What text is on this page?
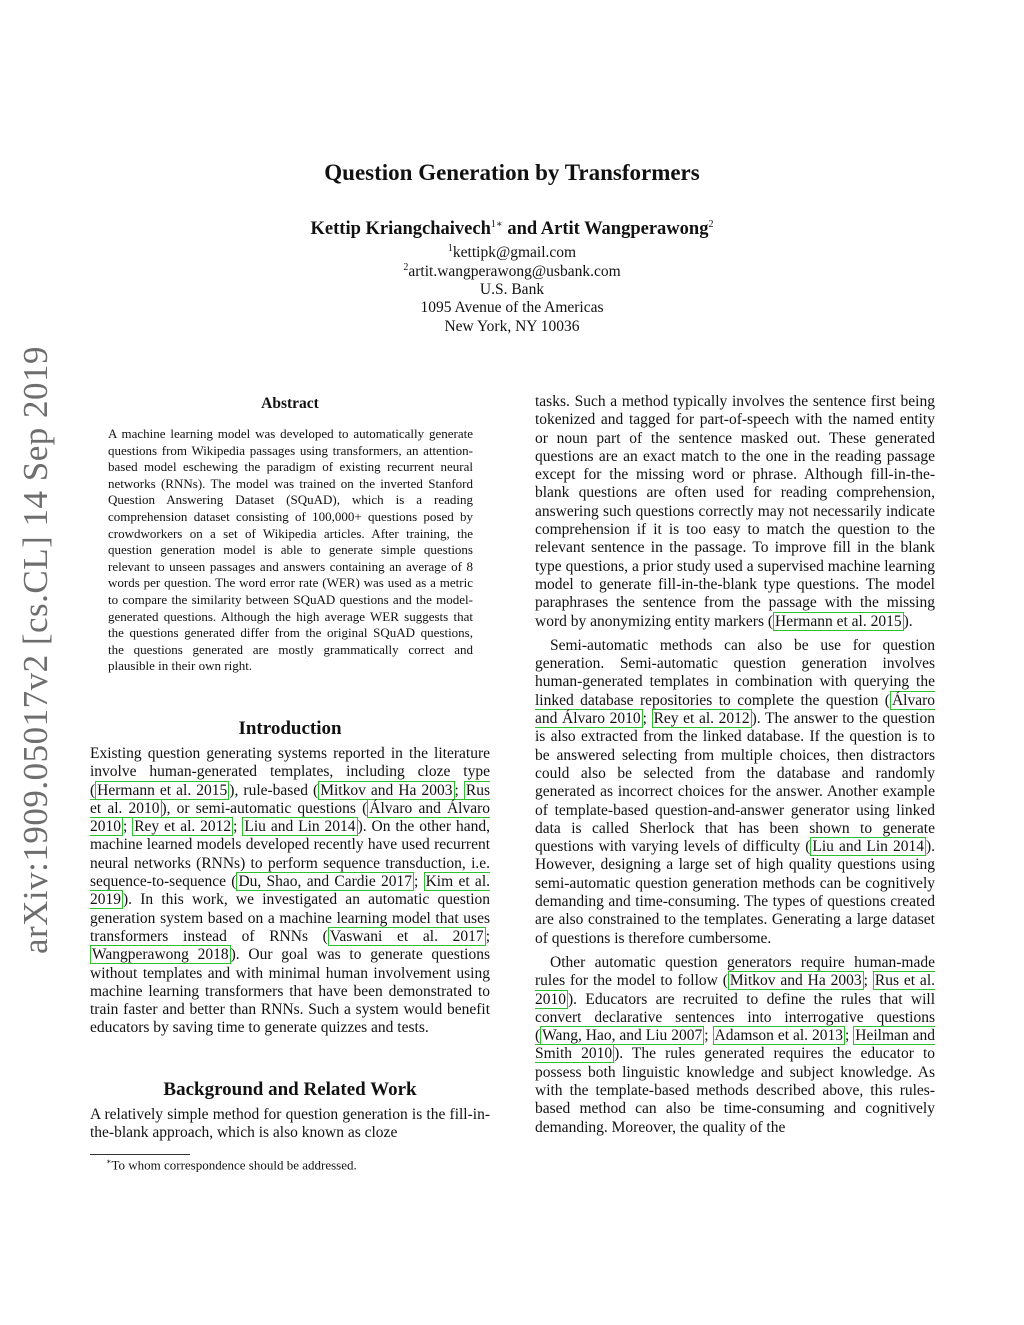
arXiv:1909.05017v2 [cs.CL] 14 Sep 2019
Question Generation by Transformers
Kettip Kriangchaivech$^{1∗}$ and Artit Wangperawong$^2$
$^1$kettipk@gmail.com
$^2$artit.wangperawong@usbank.com
U.S. Bank
1095 Avenue of the Americas
New York, NY 10036
Abstract
A machine learning model was developed to automatically generate questions from Wikipedia passages using transformers, an attention-based model eschewing the paradigm of existing recurrent neural networks (RNNs). The model was trained on the inverted Stanford Question Answering Dataset (SQuAD), which is a reading comprehension dataset consisting of 100,000+ questions posed by crowdworkers on a set of Wikipedia articles. After training, the question generation model is able to generate simple questions relevant to unseen passages and answers containing an average of 8 words per question. The word error rate (WER) was used as a metric to compare the similarity between SQuAD questions and the model-generated questions. Although the high average WER suggests that the questions generated differ from the original SQuAD questions, the questions generated are mostly grammatically correct and plausible in their own right.
Introduction

Existing question generating systems reported in the literature involve human-generated templates, including cloze type ( Hermann et al. 2015 ), rule-based ( Mitkov and Ha 2003 ; Rus et al. 2010 ), or semi-automatic questions ( Álvaro and Álvaro 2010 ; Rey et al. 2012 ; Liu and Lin 2014 ). On the other hand, machine learned models developed recently have used recurrent neural networks (RNNs) to perform sequence transduction, i.e. sequence-to-sequence ( Du, Shao, and Cardie 2017 ; Kim et al. 2019 ). In this work, we investigated an automatic question generation system based on a machine learning model that uses transformers instead of RNNs ( Vaswani et al. 2017 ; Wangperawong 2018 ). Our goal was to generate questions without templates and with minimal human involvement using machine learning transformers that have been demonstrated to train faster and better than RNNs. Such a system would benefit educators by saving time to generate quizzes and tests.

Background and Related Work

A relatively simple method for question generation is the fill-in-the-blank approach, which is also known as cloze

∗To whom correspondence should be addressed.

tasks. Such a method typically involves the sentence first being tokenized and tagged for part-of-speech with the named entity or noun part of the sentence masked out. These generated questions are an exact match to the one in the reading passage except for the missing word or phrase. Although fill-in-the-blank questions are often used for reading comprehension, answering such questions correctly may not necessarily indicate comprehension if it is too easy to match the question to the relevant sentence in the passage. To improve fill in the blank type questions, a prior study used a supervised machine learning model to generate fill-in-the-blank type questions. The model paraphrases the sentence from the passage with the missing word by anonymizing entity markers ( Hermann et al. 2015 ).

Semi-automatic methods can also be use for question generation. Semi-automatic question generation involves human-generated templates in combination with querying the linked database repositories to complete the question ( Álvaro and Álvaro 2010 ; Rey et al. 2012 ). The answer to the question is also extracted from the linked database. If the question is to be answered selecting from multiple choices, then distractors could also be selected from the database and randomly generated as incorrect choices for the answer. Another example of template-based question-and-answer generator using linked data is called Sherlock that has been shown to generate questions with varying levels of difficulty ( Liu and Lin 2014 ). However, designing a large set of high quality questions using semi-automatic question generation methods can be cognitively demanding and time-consuming. The types of questions created are also constrained to the templates. Generating a large dataset of questions is therefore cumbersome.

Other automatic question generators require human-made rules for the model to follow ( Mitkov and Ha 2003 ; Rus et al. 2010 ). Educators are recruited to define the rules that will convert declarative sentences into interrogative questions ( Wang, Hao, and Liu 2007 ; Adamson et al. 2013 ; Heilman and Smith 2010 ). The rules generated requires the educator to possess both linguistic knowledge and subject knowledge. As with the template-based methods described above, this rules-based method can also be time-consuming and cognitively demanding. Moreover, the quality of the
